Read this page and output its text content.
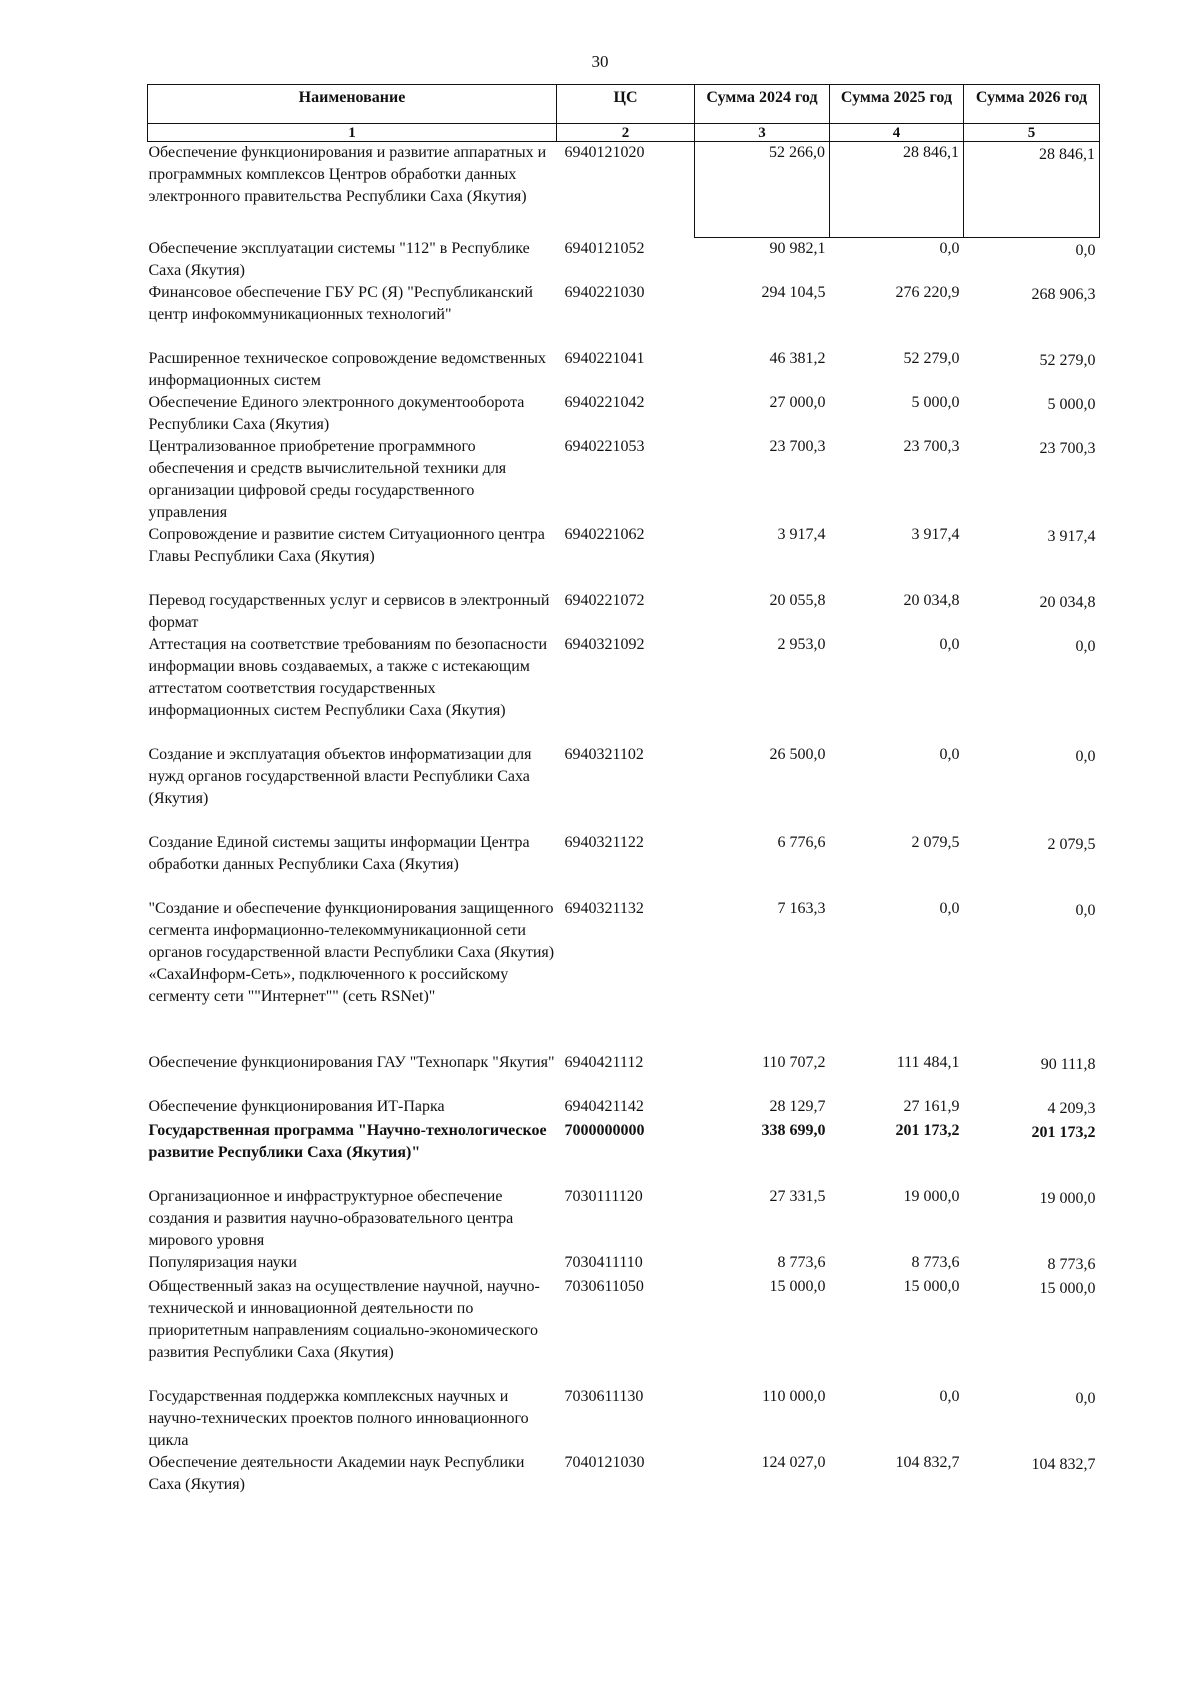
30
Наименование	ЦС	Сумма 2024 год	Сумма 2025 год	Сумма 2026 год
1	2	3	4	5
Обеспечение функционирования и развитие аппаратных и программных комплексов Центров обработки данных электронного правительства Республики Саха (Якутия)	6940121020	52 266,0	28 846,1	28 846,1
Обеспечение эксплуатации системы "112" в Республике Саха (Якутия)	6940121052	90 982,1	0,0	0,0
Финансовое обеспечение ГБУ РС (Я) "Республиканский центр инфокоммуникационных технологий"	6940221030	294 104,5	276 220,9	268 906,3
Расширенное техническое сопровождение ведомственных информационных систем	6940221041	46 381,2	52 279,0	52 279,0
Обеспечение Единого электронного документооборота Республики Саха (Якутия)	6940221042	27 000,0	5 000,0	5 000,0
Централизованное приобретение программного обеспечения и средств вычислительной техники для организации цифровой среды государственного управления	6940221053	23 700,3	23 700,3	23 700,3
Сопровождение и развитие систем Ситуационного центра Главы Республики Саха (Якутия)	6940221062	3 917,4	3 917,4	3 917,4
Перевод государственных услуг и сервисов в электронный формат	6940221072	20 055,8	20 034,8	20 034,8
Аттестация на соответствие требованиям по безопасности информации вновь создаваемых, а также с истекающим аттестатом соответствия государственных информационных систем Республики Саха (Якутия)	6940321092	2 953,0	0,0	0,0
Создание и эксплуатация объектов информатизации для нужд органов государственной власти Республики Саха (Якутия)	6940321102	26 500,0	0,0	0,0
Создание Единой системы защиты информации Центра обработки данных Республики Саха (Якутия)	6940321122	6 776,6	2 079,5	2 079,5
"Создание и обеспечение функционирования защищенного сегмента информационно-телекоммуникационной сети органов государственной власти Республики Саха (Якутия) «СахаИнформ-Сеть», подключенного к российскому сегменту сети ""Интернет"" (сеть RSNet)"	6940321132	7 163,3	0,0	0,0
Обеспечение функционирования ГАУ "Технопарк "Якутия"	6940421112	110 707,2	111 484,1	90 111,8
Обеспечение функционирования ИТ-Парка	6940421142	28 129,7	27 161,9	4 209,3
Государственная программа "Научно-технологическое развитие Республики Саха (Якутия)"	7000000000	338 699,0	201 173,2	201 173,2
Организационное и инфраструктурное обеспечение создания и развития научно-образовательного центра мирового уровня	7030111120	27 331,5	19 000,0	19 000,0
Популяризация науки	7030411110	8 773,6	8 773,6	8 773,6
Общественный заказ на осуществление научной, научно-технической и инновационной деятельности по приоритетным направлениям социально-экономического развития Республики Саха (Якутия)	7030611050	15 000,0	15 000,0	15 000,0
Государственная поддержка комплексных научных и научно-технических проектов полного инновационного цикла	7030611130	110 000,0	0,0	0,0
Обеспечение деятельности Академии наук Республики Саха (Якутия)	7040121030	124 027,0	104 832,7	104 832,7
